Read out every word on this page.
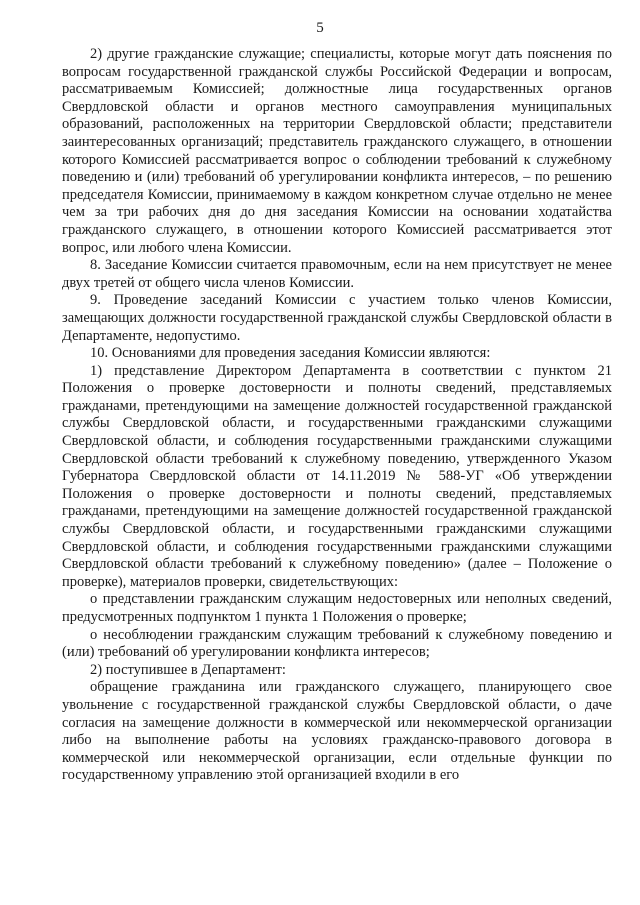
5

2) другие гражданские служащие; специалисты, которые могут дать пояснения по вопросам государственной гражданской службы Российской Федерации и вопросам, рассматриваемым Комиссией; должностные лица государственных органов Свердловской области и органов местного самоуправления муниципальных образований, расположенных на территории Свердловской области; представители заинтересованных организаций; представитель гражданского служащего, в отношении которого Комиссией рассматривается вопрос о соблюдении требований к служебному поведению и (или) требований об урегулировании конфликта интересов, – по решению председателя Комиссии, принимаемому в каждом конкретном случае отдельно не менее чем за три рабочих дня до дня заседания Комиссии на основании ходатайства гражданского служащего, в отношении которого Комиссией рассматривается этот вопрос, или любого члена Комиссии.

8. Заседание Комиссии считается правомочным, если на нем присутствует не менее двух третей от общего числа членов Комиссии.

9. Проведение заседаний Комиссии с участием только членов Комиссии, замещающих должности государственной гражданской службы Свердловской области в Департаменте, недопустимо.

10. Основаниями для проведения заседания Комиссии являются:

1) представление Директором Департамента в соответствии с пунктом 21 Положения о проверке достоверности и полноты сведений, представляемых гражданами, претендующими на замещение должностей государственной гражданской службы Свердловской области, и государственными гражданскими служащими Свердловской области, и соблюдения государственными гражданскими служащими Свердловской области требований к служебному поведению, утвержденного Указом Губернатора Свердловской области от 14.11.2019 № 588-УГ «Об утверждении Положения о проверке достоверности и полноты сведений, представляемых гражданами, претендующими на замещение должностей государственной гражданской службы Свердловской области, и государственными гражданскими служащими Свердловской области, и соблюдения государственными гражданскими служащими Свердловской области требований к служебному поведению» (далее – Положение о проверке), материалов проверки, свидетельствующих:

о представлении гражданским служащим недостоверных или неполных сведений, предусмотренных подпунктом 1 пункта 1 Положения о проверке;

о несоблюдении гражданским служащим требований к служебному поведению и (или) требований об урегулировании конфликта интересов;

2) поступившее в Департамент:

обращение гражданина или гражданского служащего, планирующего свое увольнение с государственной гражданской службы Свердловской области, о даче согласия на замещение должности в коммерческой или некоммерческой организации либо на выполнение работы на условиях гражданско-правового договора в коммерческой или некоммерческой организации, если отдельные функции по государственному управлению этой организацией входили в его
